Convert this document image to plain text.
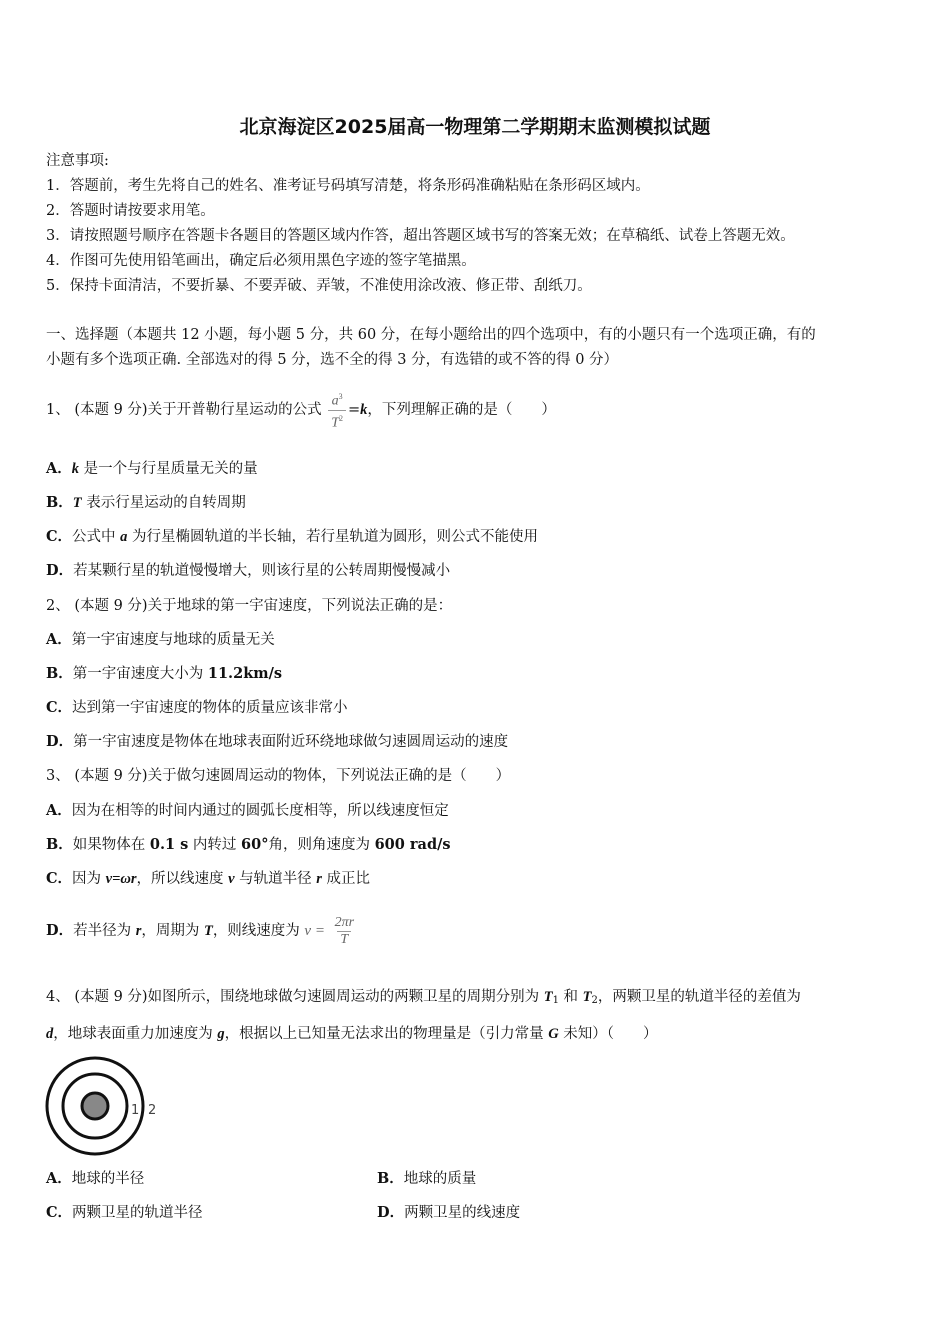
北京海淀区2025届高一物理第二学期期末监测模拟试题
注意事项:
1．答题前，考生先将自己的姓名、准考证号码填写清楚，将条形码准确粘贴在条形码区域内。
2．答题时请按要求用笔。
3．请按照题号顺序在答题卡各题目的答题区域内作答，超出答题区域书写的答案无效；在草稿纸、试卷上答题无效。
4．作图可先使用铅笔画出，确定后必须用黑色字迹的签字笔描黑。
5．保持卡面清洁，不要折暴、不要弄破、弄皱，不准使用涂改液、修正带、刮纸刀。
一、选择题（本题共 12 小题，每小题 5 分，共 60 分，在每小题给出的四个选项中，有的小题只有一个选项正确，有的
小题有多个选项正确. 全部选对的得 5 分，选不全的得 3 分，有选错的或不答的得 0 分）
1、 (本题 9 分)关于开普勒行星运动的公式 $\frac{a^3}{T^2} =k$，下列理解正确的是（　　）
A．k 是一个与行星质量无关的量
B．T 表示行星运动的自转周期
C．公式中 a 为行星椭圆轨道的半长轴，若行星轨道为圆形，则公式不能使用
D．若某颗行星的轨道慢慢增大，则该行星的公转周期慢慢减小
2、 (本题 9 分)关于地球的第一宇宙速度，下列说法正确的是：
A．第一宇宙速度与地球的质量无关
B．第一宇宙速度大小为 11.2km/s
C．达到第一宇宙速度的物体的质量应该非常小
D．第一宇宙速度是物体在地球表面附近环绕地球做匀速圆周运动的速度
3、 (本题 9 分)关于做匀速圆周运动的物体，下列说法正确的是（　　）
A．因为在相等的时间内通过的圆弧长度相等，所以线速度恒定
B．如果物体在 0.1 s 内转过 60°角，则角速度为 600 rad/s
C．因为 v=ωr，所以线速度 v 与轨道半径 r 成正比
D．若半径为 r，周期为 T，则线速度为 $v = \frac{2\pi r}{T}$
4、 (本题 9 分)如图所示，围绕地球做匀速圆周运动的两颗卫星的周期分别为 $T_1$ 和 $T_2$，两颗卫星的轨道半径的差值为
d，地球表面重力加速度为 g，根据以上已知量无法求出的物理量是（引力常量 G 未知）（　　）
1 2
A．地球的半径	B．地球的质量
C．两颗卫星的轨道半径	D．两颗卫星的线速度
